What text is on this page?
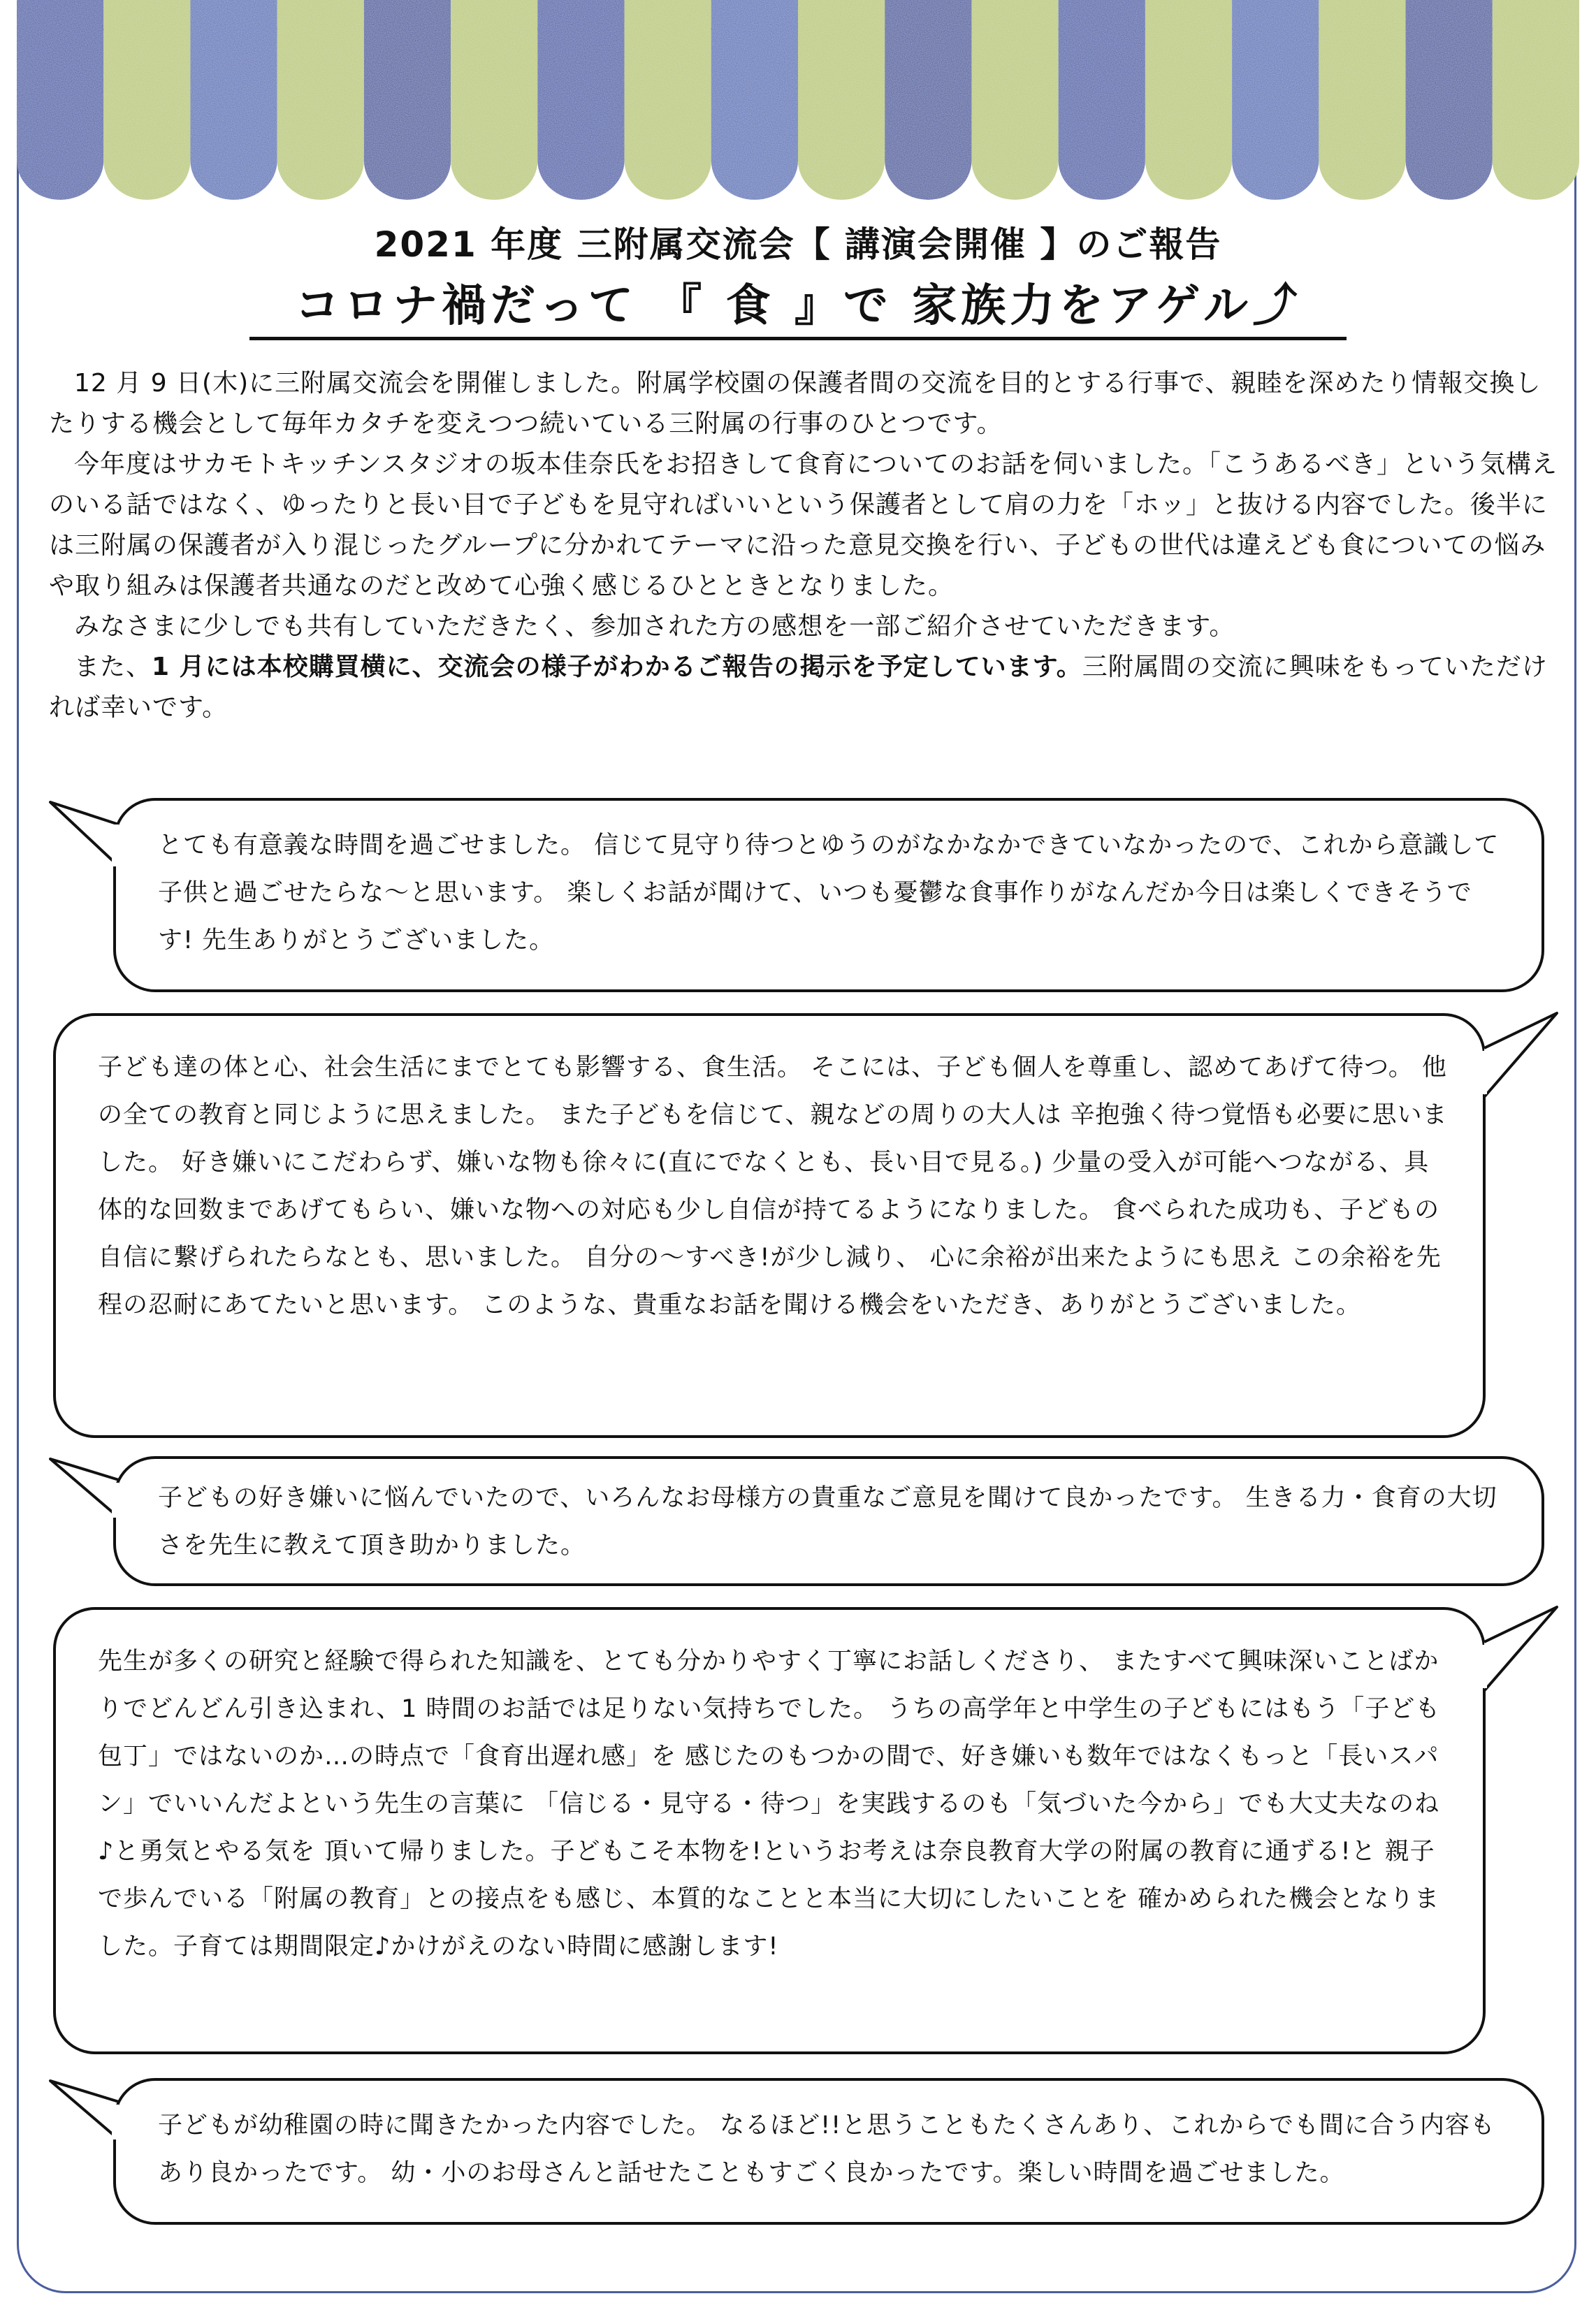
2021 年度 三附属交流会【 講演会開催 】のご報告
コロナ禍だって 『 食 』で 家族力をアゲル⤴

12 月 9 日(木)に三附属交流会を開催しました。附属学校園の保護者間の交流を目的とする行事で、親睦を深めたり情報交換したりする機会として毎年カタチを変えつつ続いている三附属の行事のひとつです。

今年度はサカモトキッチンスタジオの坂本佳奈氏をお招きして食育についてのお話を伺いました。「こうあるべき」という気構えのいる話ではなく、ゆったりと長い目で子どもを見守ればいいという保護者として肩の力を「ホッ」と抜ける内容でした。後半には三附属の保護者が入り混じったグループに分かれてテーマに沿った意見交換を行い、子どもの世代は違えども食についての悩みや取り組みは保護者共通なのだと改めて心強く感じるひとときとなりました。

みなさまに少しでも共有していただきたく、参加された方の感想を一部ご紹介させていただきます。

また、1 月には本校購買横に、交流会の様子がわかるご報告の掲示を予定しています。三附属間の交流に興味をもっていただければ幸いです。

とても有意義な時間を過ごせました。 信じて見守り待つとゆうのがなかなかできていなかったので、これから意識して子供と過ごせたらな〜と思います。 楽しくお話が聞けて、いつも憂鬱な食事作りがなんだか今日は楽しくできそうです! 先生ありがとうございました。
子ども達の体と心、社会生活にまでとても影響する、食生活。 そこには、子ども個人を尊重し、認めてあげて待つ。 他の全ての教育と同じように思えました。 また子どもを信じて、親などの周りの大人は 辛抱強く待つ覚悟も必要に思いました。 好き嫌いにこだわらず、嫌いな物も徐々に(直にでなくとも、長い目で見る。) 少量の受入が可能へつながる、具体的な回数まであげてもらい、嫌いな物への対応も少し自信が持てるようになりました。 食べられた成功も、子どもの自信に繋げられたらなとも、思いました。 自分の〜すべき!が少し減り、 心に余裕が出来たようにも思え この余裕を先程の忍耐にあてたいと思います。 このような、貴重なお話を聞ける機会をいただき、ありがとうございました。
子どもの好き嫌いに悩んでいたので、いろんなお母様方の貴重なご意見を聞けて良かったです。 生きる力・食育の大切さを先生に教えて頂き助かりました。
先生が多くの研究と経験で得られた知識を、とても分かりやすく丁寧にお話しくださり、 またすべて興味深いことばかりでどんどん引き込まれ、1 時間のお話では足りない気持ちでした。 うちの高学年と中学生の子どもにはもう「子ども包丁」ではないのか…の時点で「食育出遅れ感」を 感じたのもつかの間で、好き嫌いも数年ではなくもっと「長いスパン」でいいんだよという先生の言葉に 「信じる・見守る・待つ」を実践するのも「気づいた今から」でも大丈夫なのね♪と勇気とやる気を 頂いて帰りました。子どもこそ本物を!というお考えは奈良教育大学の附属の教育に通ずる!と 親子で歩んでいる「附属の教育」との接点をも感じ、本質的なことと本当に大切にしたいことを 確かめられた機会となりました。子育ては期間限定♪かけがえのない時間に感謝します!
子どもが幼稚園の時に聞きたかった内容でした。 なるほど!!と思うこともたくさんあり、これからでも間に合う内容もあり良かったです。 幼・小のお母さんと話せたこともすごく良かったです。楽しい時間を過ごせました。
